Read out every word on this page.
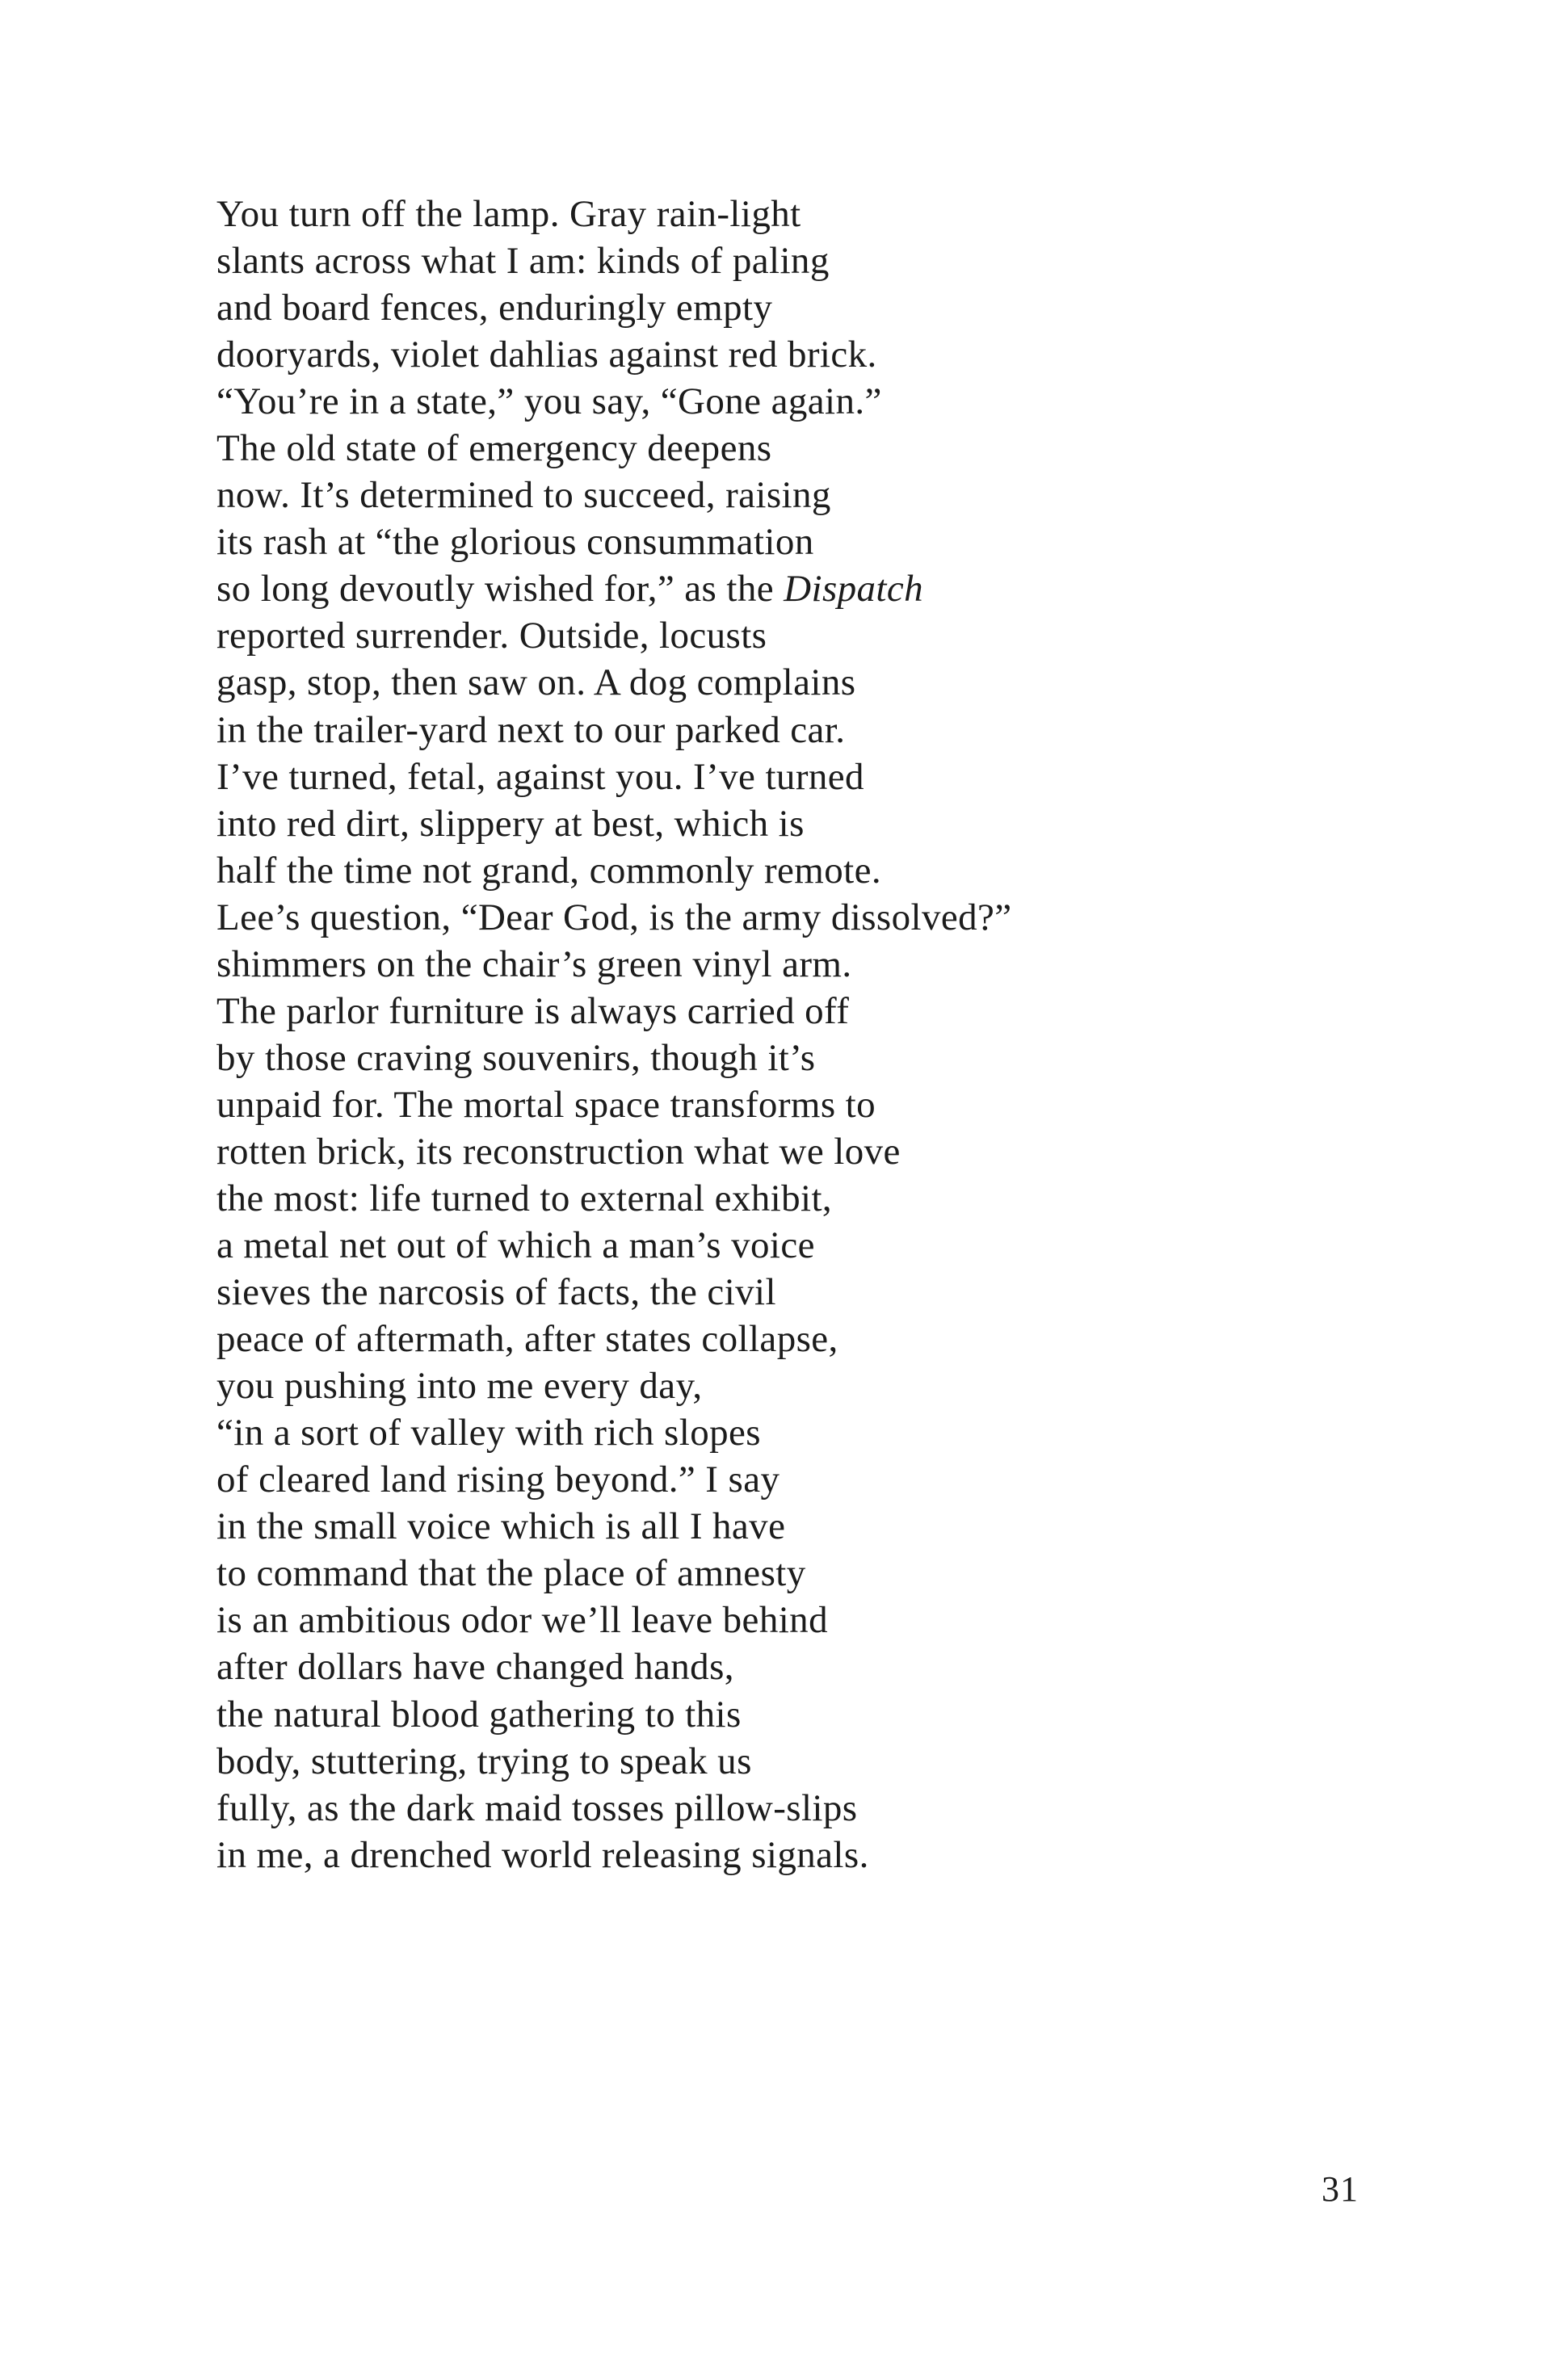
You turn off the lamp. Gray rain-light
slants across what I am: kinds of paling
and board fences, enduringly empty
dooryards, violet dahlias against red brick.
“You’re in a state,” you say, “Gone again.”
The old state of emergency deepens
now. It’s determined to succeed, raising
its rash at “the glorious consummation
so long devoutly wished for,” as the Dispatch
reported surrender. Outside, locusts
gasp, stop, then saw on. A dog complains
in the trailer-yard next to our parked car.
I’ve turned, fetal, against you. I’ve turned
into red dirt, slippery at best, which is
half the time not grand, commonly remote.
Lee’s question, “Dear God, is the army dissolved?”
shimmers on the chair’s green vinyl arm.
The parlor furniture is always carried off
by those craving souvenirs, though it’s
unpaid for. The mortal space transforms to
rotten brick, its reconstruction what we love
the most: life turned to external exhibit,
a metal net out of which a man’s voice
sieves the narcosis of facts, the civil
peace of aftermath, after states collapse,
you pushing into me every day,
“in a sort of valley with rich slopes
of cleared land rising beyond.” I say
in the small voice which is all I have
to command that the place of amnesty
is an ambitious odor we’ll leave behind
after dollars have changed hands,
the natural blood gathering to this
body, stuttering, trying to speak us
fully, as the dark maid tosses pillow-slips
in me, a drenched world releasing signals.
31
